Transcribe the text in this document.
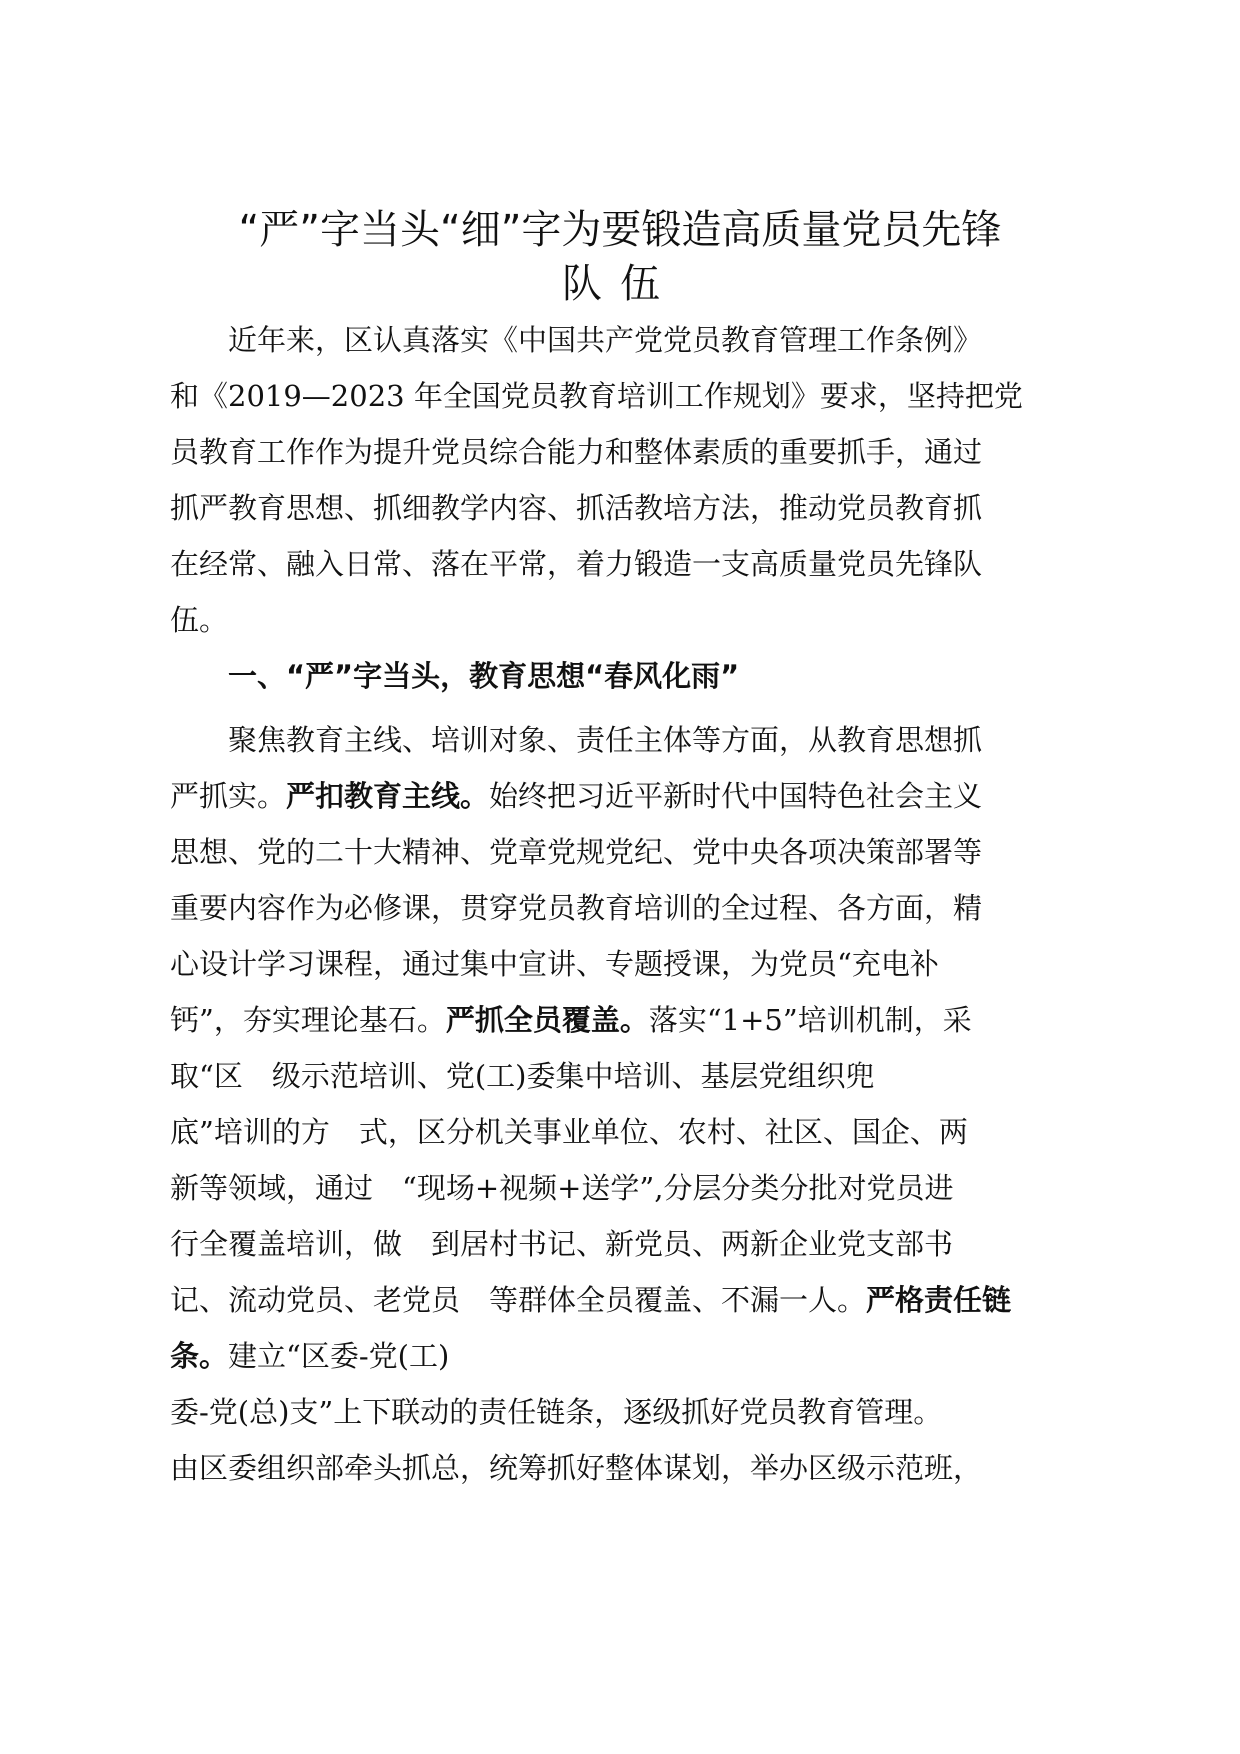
“严”字当头“细”字为要锻造高质量党员先锋
队伍
　　近年来，区认真落实《中国共产党党员教育管理工作条例》
和《2019—2023 年全国党员教育培训工作规划》要求，坚持把党
员教育工作作为提升党员综合能力和整体素质的重要抓手，通过
抓严教育思想、抓细教学内容、抓活教培方法，推动党员教育抓
在经常、融入日常、落在平常，着力锻造一支高质量党员先锋队
伍。
一、“严”字当头，教育思想“春风化雨”
　　聚焦教育主线、培训对象、责任主体等方面，从教育思想抓
严抓实。严扣教育主线。始终把习近平新时代中国特色社会主义
思想、党的二十大精神、党章党规党纪、党中央各项决策部署等
重要内容作为必修课，贯穿党员教育培训的全过程、各方面，精
心设计学习课程，通过集中宣讲、专题授课，为党员“充电补
钙”，夯实理论基石。严抓全员覆盖。落实“1+5”培训机制，采
取“区　级示范培训、党(工)委集中培训、基层党组织兜
底”培训的方　式，区分机关事业单位、农村、社区、国企、两
新等领域，通过　“现场+视频+送学”,分层分类分批对党员进
行全覆盖培训，做　到居村书记、新党员、两新企业党支部书
记、流动党员、老党员　等群体全员覆盖、不漏一人。严格责任链
条。建立“区委-党(工)
委-党(总)支”上下联动的责任链条，逐级抓好党员教育管理。
由区委组织部牵头抓总，统筹抓好整体谋划，举办区级示范班，
